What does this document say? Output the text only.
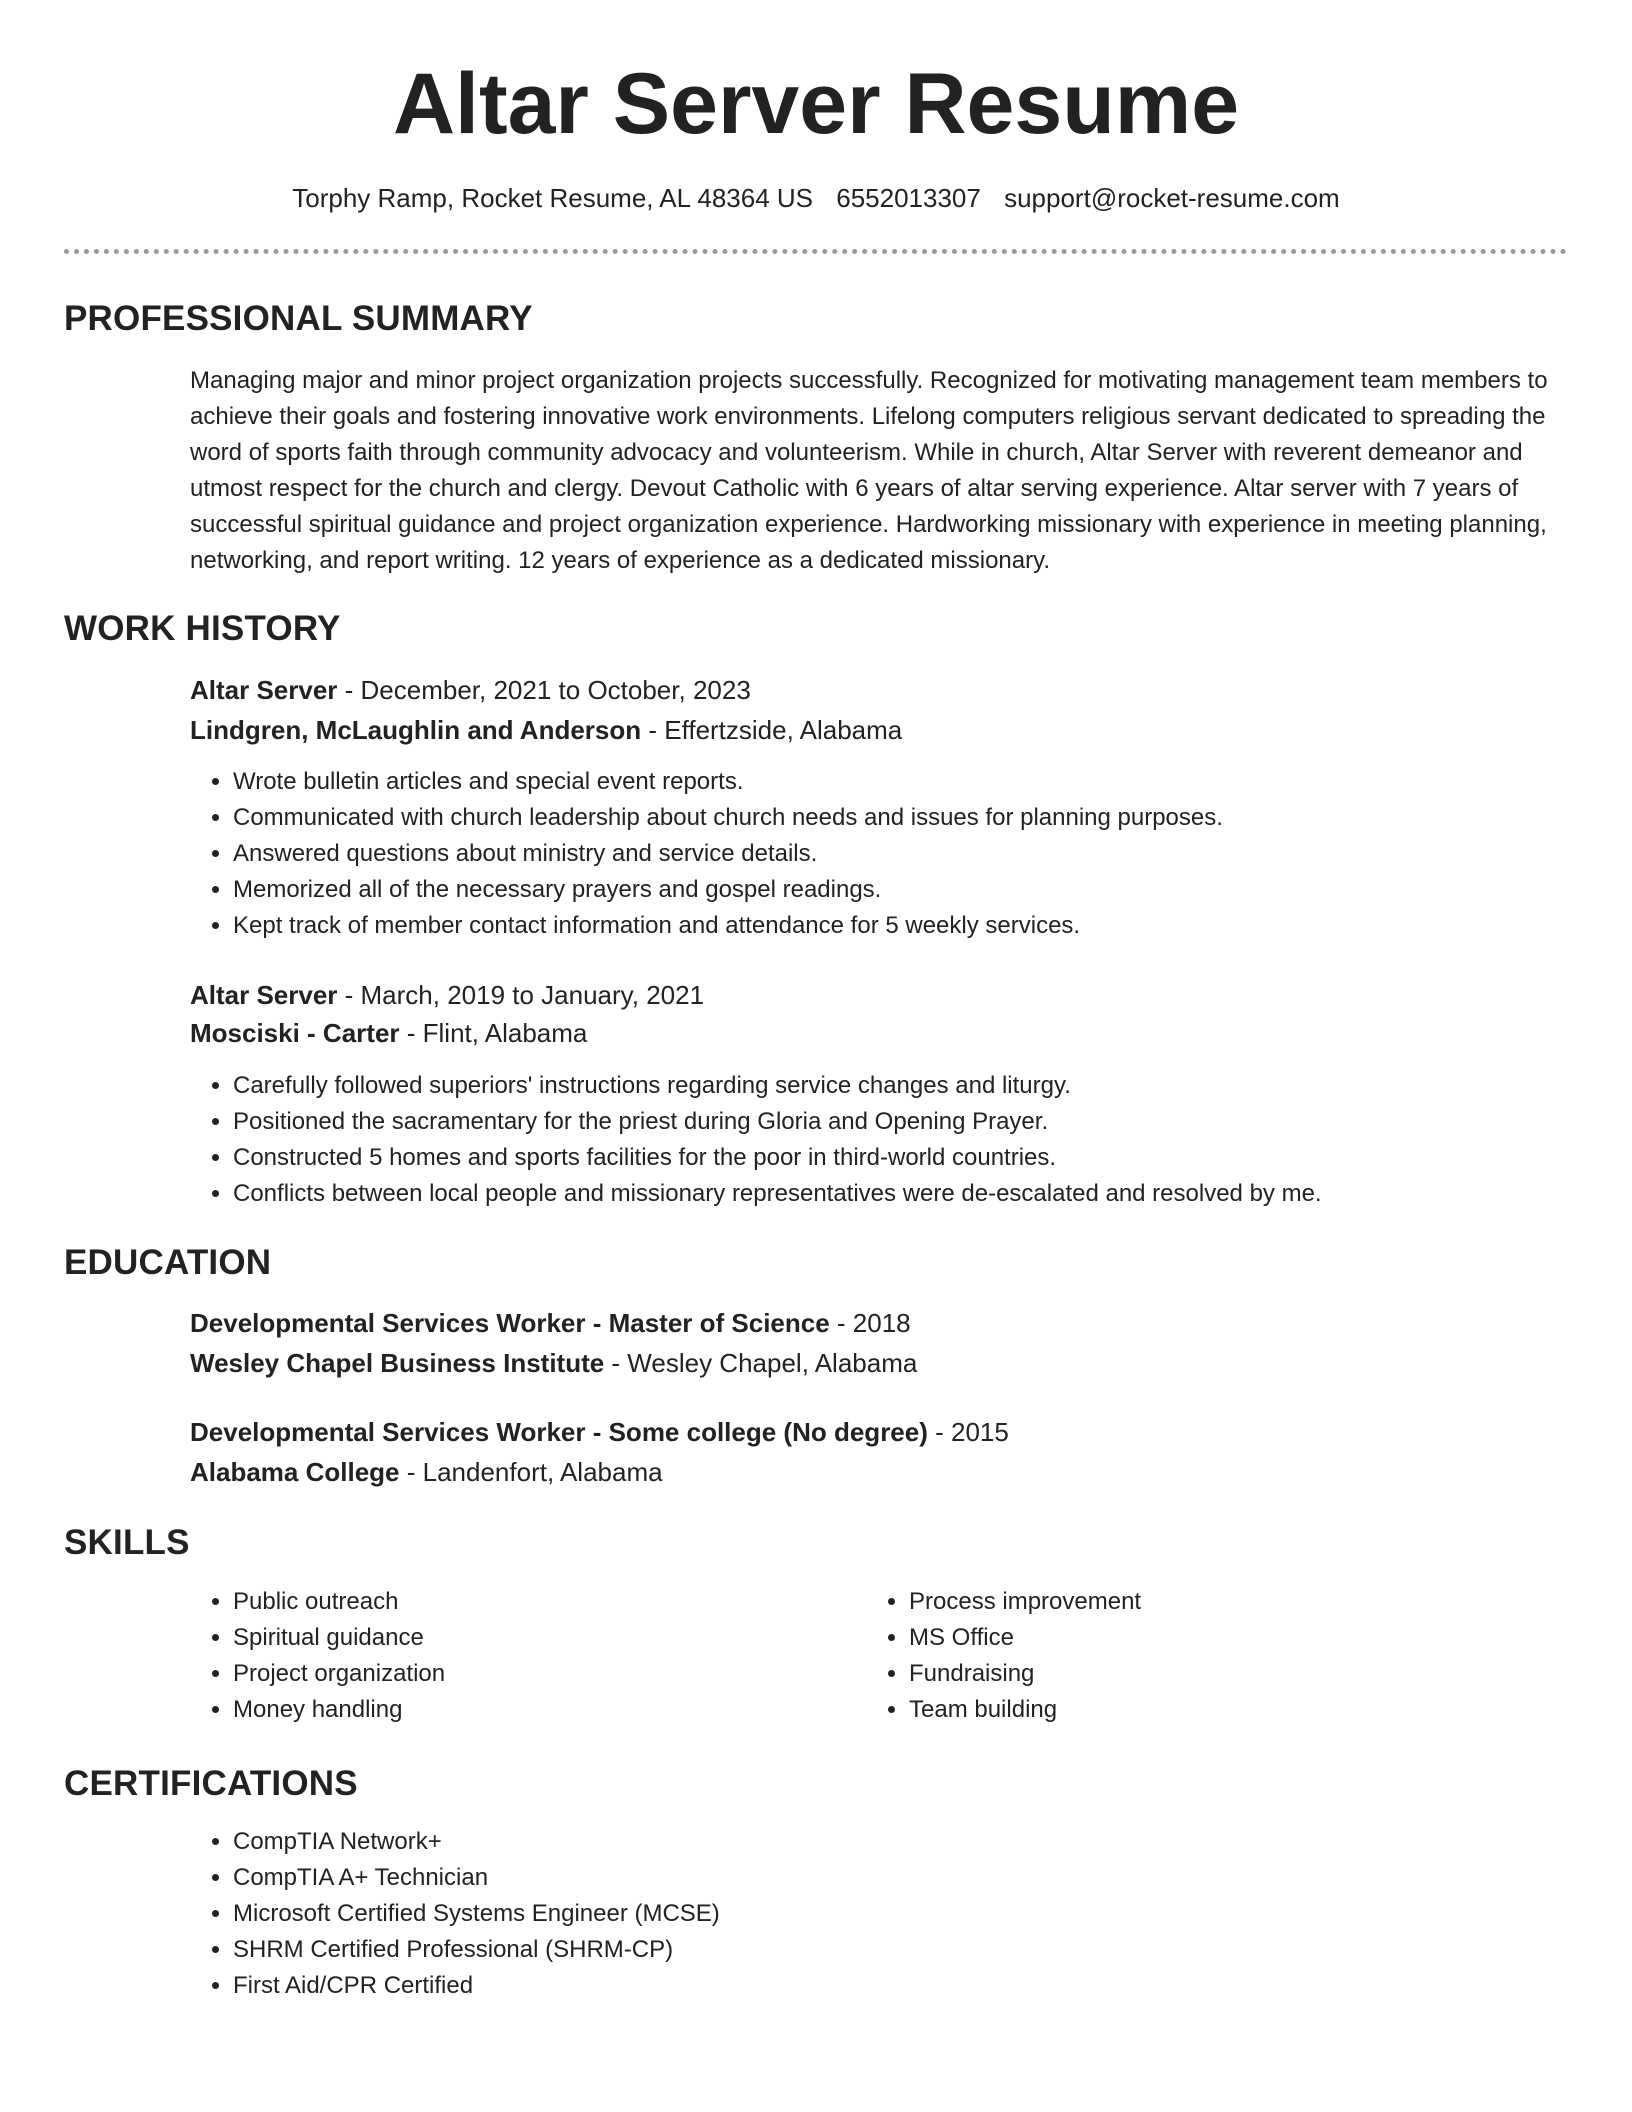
Altar Server Resume
Torphy Ramp, Rocket Resume, AL 48364 US 6552013307 support@rocket-resume.com
PROFESSIONAL SUMMARY
Managing major and minor project organization projects successfully. Recognized for motivating management team members to achieve their goals and fostering innovative work environments. Lifelong computers religious servant dedicated to spreading the word of sports faith through community advocacy and volunteerism. While in church, Altar Server with reverent demeanor and utmost respect for the church and clergy. Devout Catholic with 6 years of altar serving experience. Altar server with 7 years of successful spiritual guidance and project organization experience. Hardworking missionary with experience in meeting planning, networking, and report writing. 12 years of experience as a dedicated missionary.
WORK HISTORY
Altar Server - December, 2021 to October, 2023
Lindgren, McLaughlin and Anderson - Effertzside, Alabama
• Wrote bulletin articles and special event reports.
• Communicated with church leadership about church needs and issues for planning purposes.
• Answered questions about ministry and service details.
• Memorized all of the necessary prayers and gospel readings.
• Kept track of member contact information and attendance for 5 weekly services.
Altar Server - March, 2019 to January, 2021
Mosciski - Carter - Flint, Alabama
• Carefully followed superiors' instructions regarding service changes and liturgy.
• Positioned the sacramentary for the priest during Gloria and Opening Prayer.
• Constructed 5 homes and sports facilities for the poor in third-world countries.
• Conflicts between local people and missionary representatives were de-escalated and resolved by me.
EDUCATION
Developmental Services Worker - Master of Science - 2018
Wesley Chapel Business Institute - Wesley Chapel, Alabama
Developmental Services Worker - Some college (No degree) - 2015
Alabama College - Landenfort, Alabama
SKILLS
• Public outreach
• Spiritual guidance
• Project organization
• Money handling
• Process improvement
• MS Office
• Fundraising
• Team building
CERTIFICATIONS
• CompTIA Network+
• CompTIA A+ Technician
• Microsoft Certified Systems Engineer (MCSE)
• SHRM Certified Professional (SHRM-CP)
• First Aid/CPR Certified
